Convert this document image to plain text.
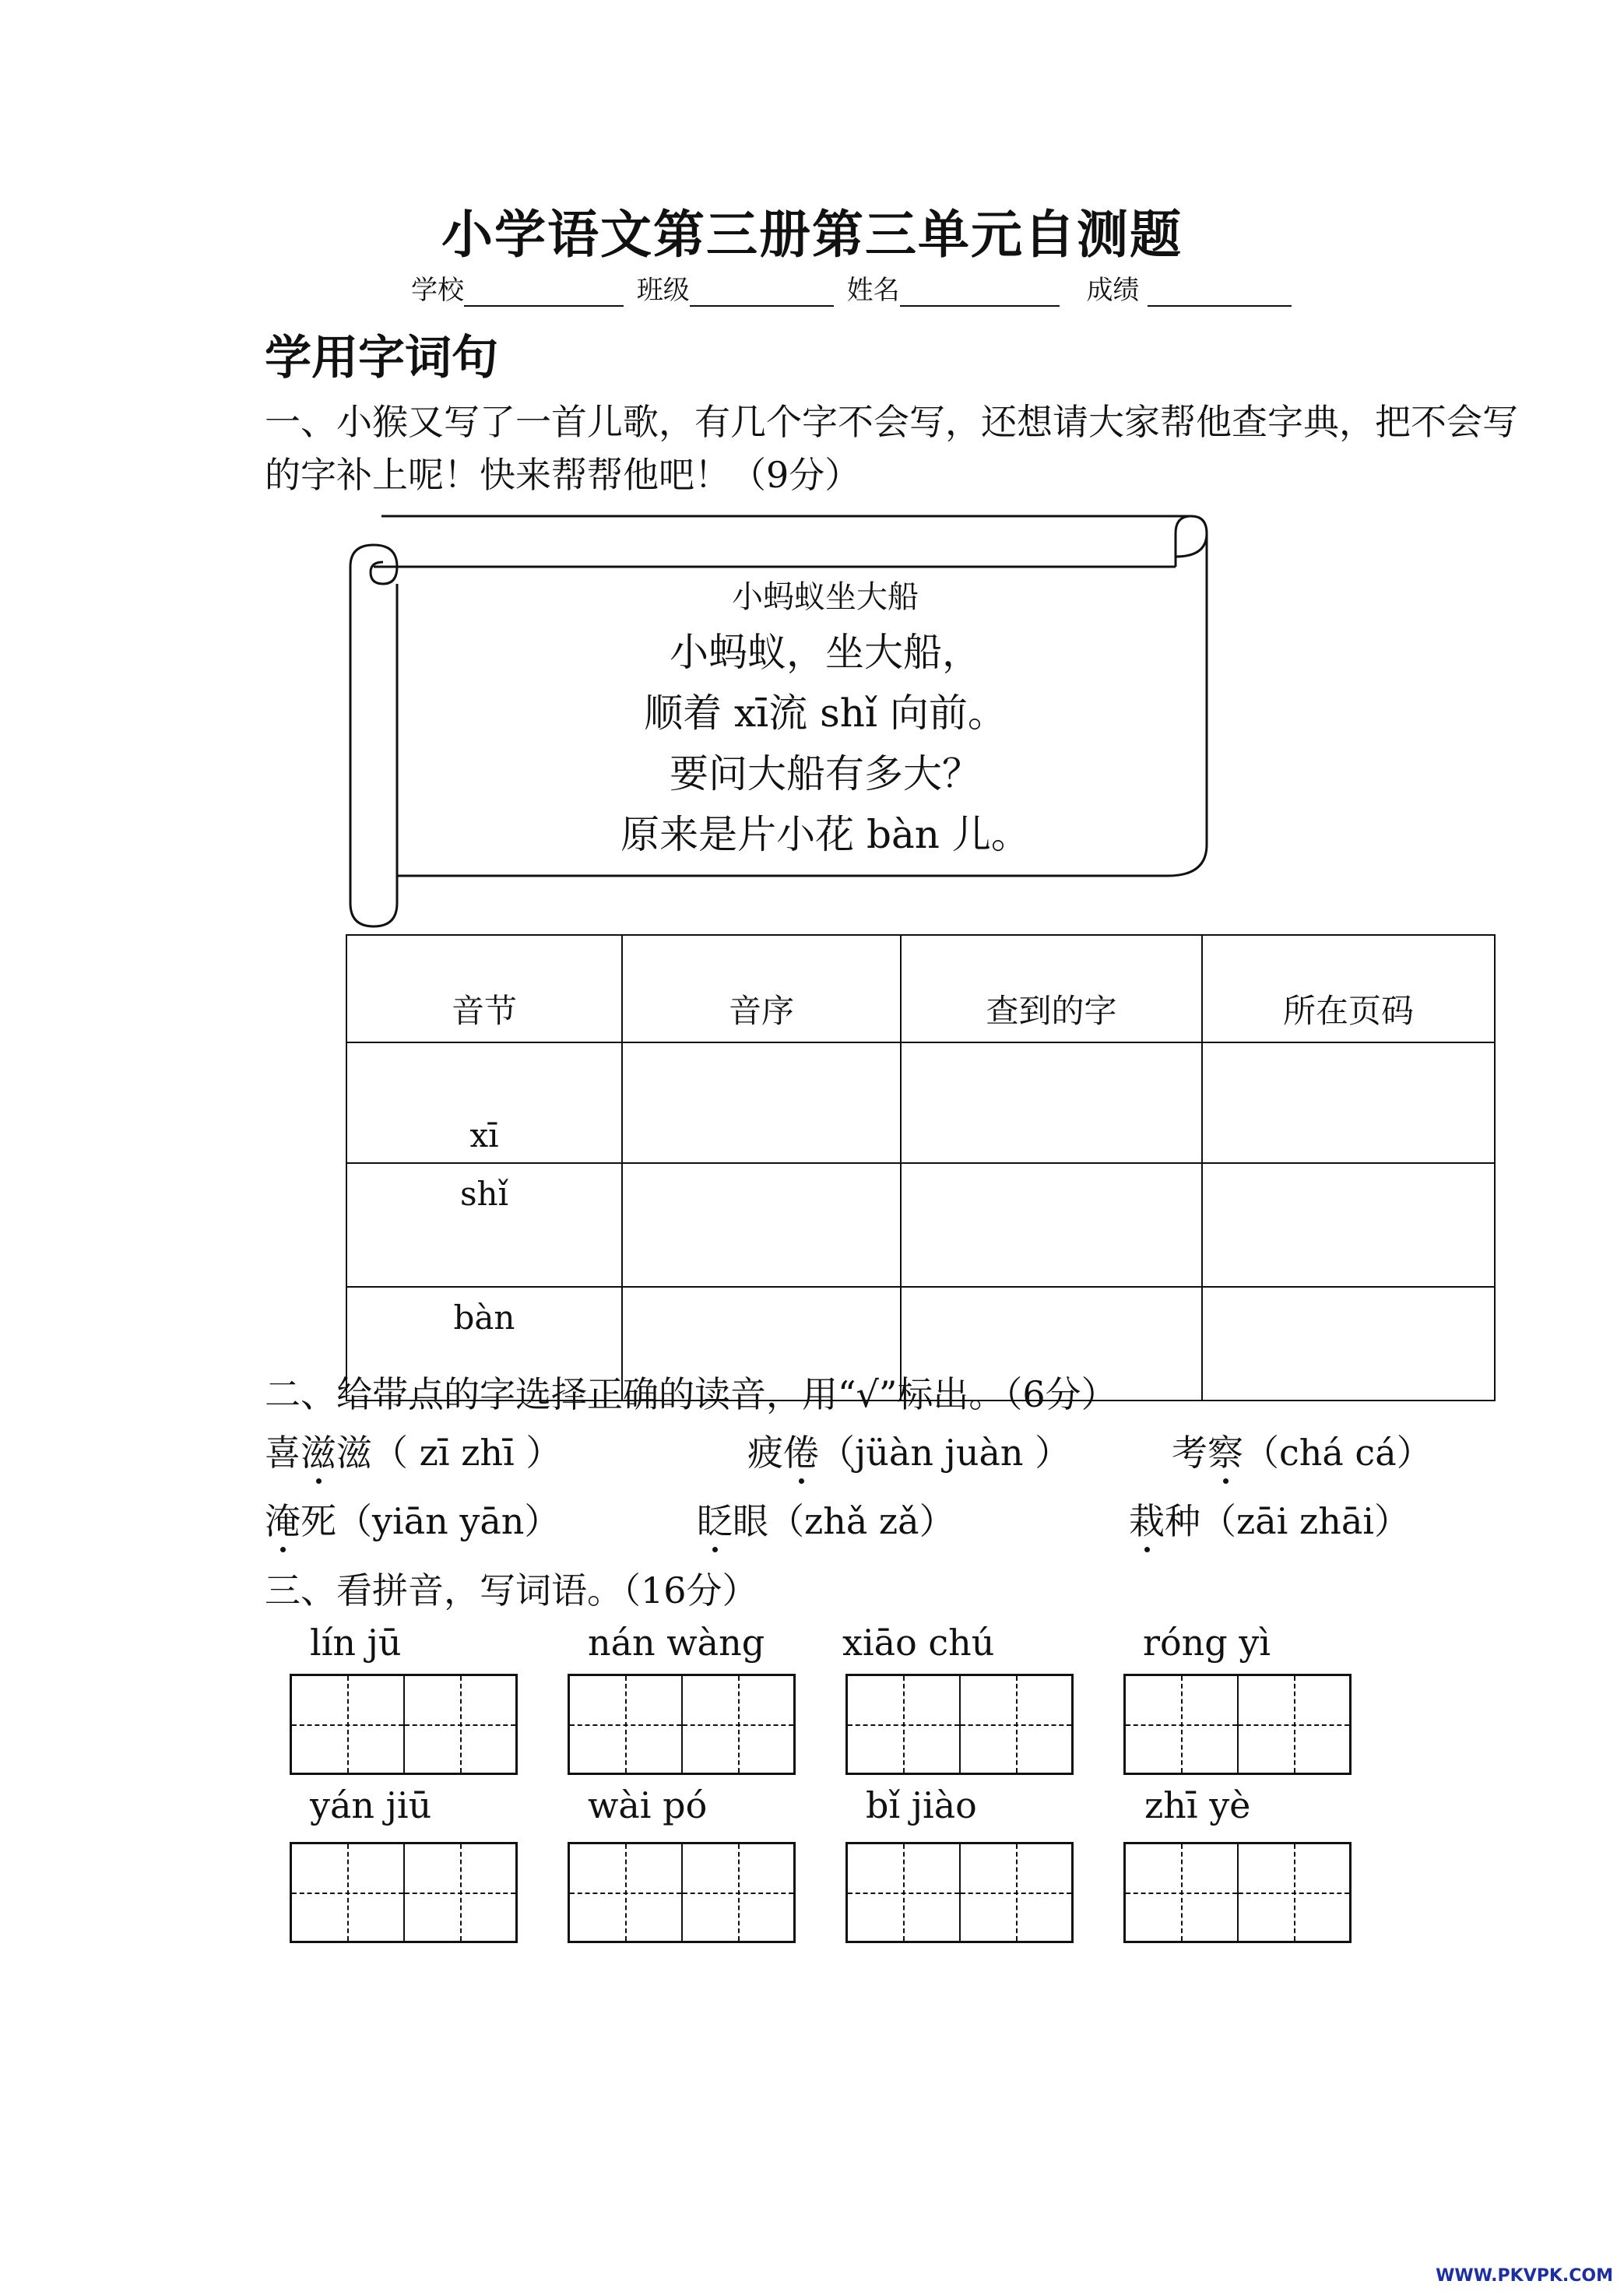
小学语文第三册第三单元自测题
学校	班级	姓名	成绩
学用字词句
一、小猴又写了一首儿歌，有几个字不会写，还想请大家帮他查字典，把不会写的字补上呢！快来帮帮他吧！（9分）
小蚂蚁坐大船
小蚂蚁，坐大船，
顺着 xī流 shǐ 向前。
要问大船有多大？
原来是片小花 bàn 儿。
音节	音序	查到的字	所在页码
xī			
shǐ			
bàn			
二、给带点的字选择正确的读音，用“√”标出。（6分）
喜滋滋（ zī zhī ）	疲倦（jüàn juàn ）	考察（chá cá）
淹死（yiān yān）	眨眼（zhǎ zǎ）	栽种（zāi zhāi）
三、看拼音，写词语。（16分）
lín jū	nán wàng xiāo chú	róng yì
yán jiū	wài pó	bǐ jiào	zhī yè
WWW.PKVPK.COM
